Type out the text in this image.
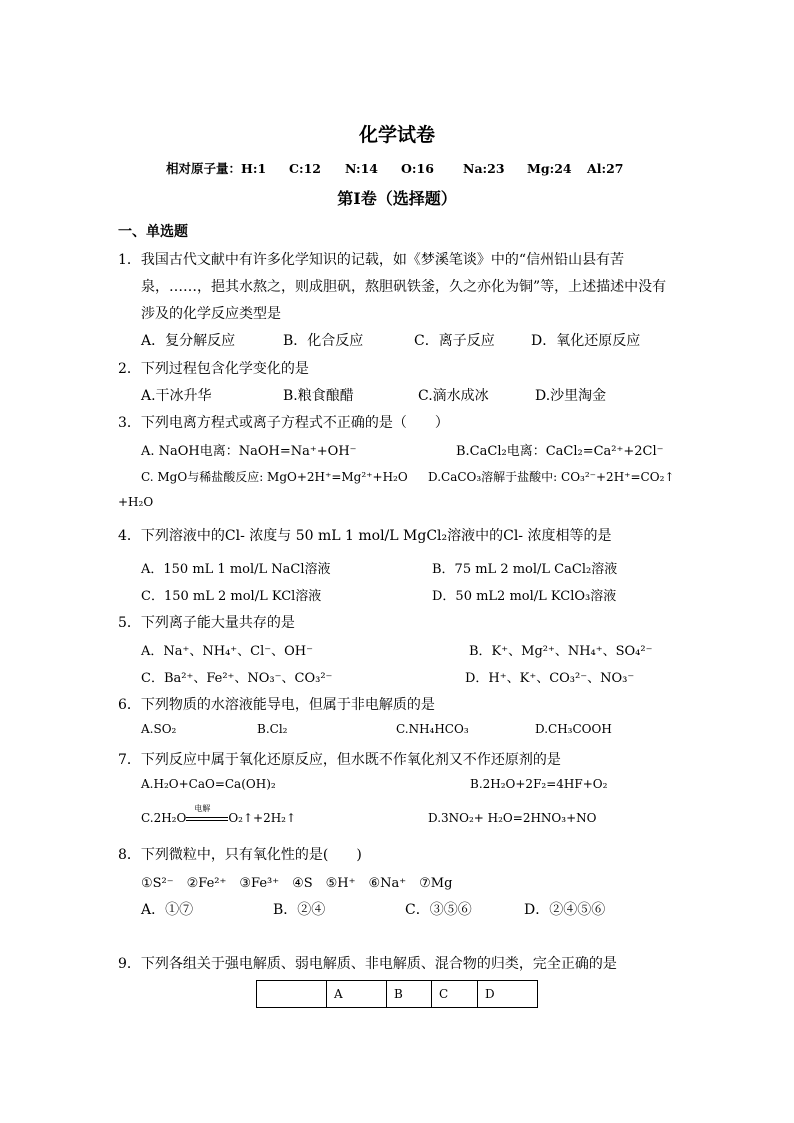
化学试卷
相对原子量：H:1 C:12 N:14 O:16 Na:23 Mg:24 Al:27
第Ⅰ卷（选择题）
一、单选题
1．我国古代文献中有许多化学知识的记载，如《梦溪笔谈》中的“信州铅山县有苦
泉，……，挹其水熬之，则成胆矾，熬胆矾铁釜，久之亦化为铜”等，上述描述中没有
涉及的化学反应类型是
A．复分解反应	B．化合反应	C．离子反应	D．氧化还原反应
2．下列过程包含化学变化的是
A.干冰升华	B.粮食酿醋	C.滴水成冰	D.沙里淘金
3．下列电离方程式或离子方程式不正确的是（　　）
A. NaOH电离：NaOH=Na⁺+OH⁻	B.CaCl₂电离：CaCl₂=Ca²⁺+2Cl⁻
C. MgO与稀盐酸反应: MgO+2H⁺=Mg²⁺+H₂O D.CaCO₃溶解于盐酸中: CO₃²⁻+2H⁺=CO₂↑
+H₂O
4．下列溶液中的Cl- 浓度与 50 mL 1 mol/L MgCl₂溶液中的Cl- 浓度相等的是
A．150 mL 1 mol/L NaCl溶液	B．75 mL 2 mol/L CaCl₂溶液
C．150 mL 2 mol/L KCl溶液	D．50 mL2 mol/L KClO₃溶液
5．下列离子能大量共存的是
A．Na⁺、NH₄⁺、Cl⁻、OH⁻	B．K⁺、Mg²⁺、NH₄⁺、SO₄²⁻
C．Ba²⁺、Fe²⁺、NO₃⁻、CO₃²⁻	D．H⁺、K⁺、CO₃²⁻、NO₃⁻
6．下列物质的水溶液能导电，但属于非电解质的是
A.SO₂	B.Cl₂	C.NH₄HCO₃	D.CH₃COOH
7．下列反应中属于氧化还原反应，但水既不作氧化剂又不作还原剂的是
A.H₂O+CaO=Ca(OH)₂	B.2H₂O+2F₂=4HF+O₂
C.2H₂O
电解
O₂↑+2H₂↑	D.3NO₂+ H₂O=2HNO₃+NO
8．下列微粒中，只有氧化性的是(　　)
①S²⁻　②Fe²⁺　③Fe³⁺　④S　⑤H⁺　⑥Na⁺　⑦Mg
A．①⑦	B．②④	C．③⑤⑥	D．②④⑤⑥
9．下列各组关于强电解质、弱电解质、非电解质、混合物的归类，完全正确的是
	A	B	C	D
